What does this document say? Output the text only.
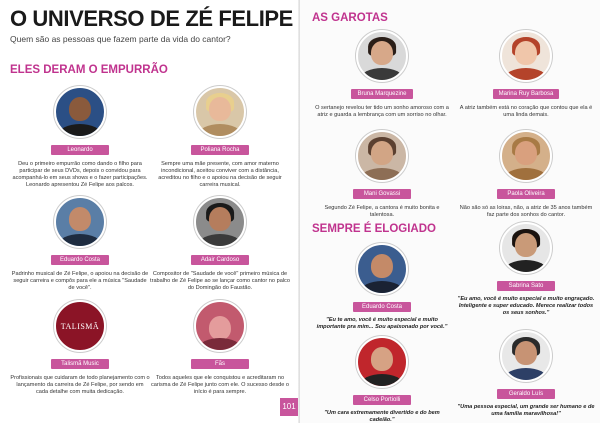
O UNIVERSO DE ZÉ FELIPE
Quem são as pessoas que fazem parte da vida do cantor?
ELES DERAM O EMPURRÃO
Leonardo
Deu o primeiro empurrão como dando o filho para participar de seus DVDs, depois o convidou para acompanhá-lo em seus shows e o fazer participações. Leonardo apresentou Zé Felipe aos palcos.
Poliana Rocha
Sempre uma mãe presente, com amor materno incondicional, aceitou conviver com a distância, acreditou no filho e o apoiou na decisão de seguir carreira musical.
Eduardo Costa
Padrinho musical de Zé Felipe, o apoiou na decisão de seguir carreira e compôs para ele a música "Saudade de você".
Adair Cardoso
Compositor de "Saudade de você" primeiro música de trabalho de Zé Felipe ao se lançar como cantor no palco do Domingão do Faustão.
TALISMÃ
Talismã Music
Profissionais que cuidaram de todo planejamento com o lançamento da carreira de Zé Felipe, por sendo em cada detalhe com muita dedicação.
Fãs
Todos aqueles que ele conquistou e acreditaram no carisma de Zé Felipe junto com ele. O sucesso desde o início é para sempre.
101
AS GAROTAS
Bruna Marquezine
O sertanejo revelou ter tido um sonho amoroso com a atriz e guarda a lembrança com um sorriso no olhar.
Marina Ruy Barbosa
A atriz também está no coração que contou que ela é uma linda demais.
Mani Govassi
Segundo Zé Felipe, a cantora é muito bonita e talentosa.
Paola Oliveira
Não são só as loiras, não, a atriz de 35 anos também faz parte dos sonhos do cantor.
SEMPRE É ELOGIADO
Sabrina Sato
"Eu amo, você é muito especial e muito engraçado. Inteligente e super educado. Merece realizar todos os seus sonhos."
Eduardo Costa
"Eu te amo, você é muito especial e muito importante pra mim... Sou apaixonado por você."
Celso Portiolli
"Um cara extremamente divertido e do bem cadeião."
Geraldo Luís
"Uma pessoa especial, um grande ser humano e de uma família maravilhosa!"
